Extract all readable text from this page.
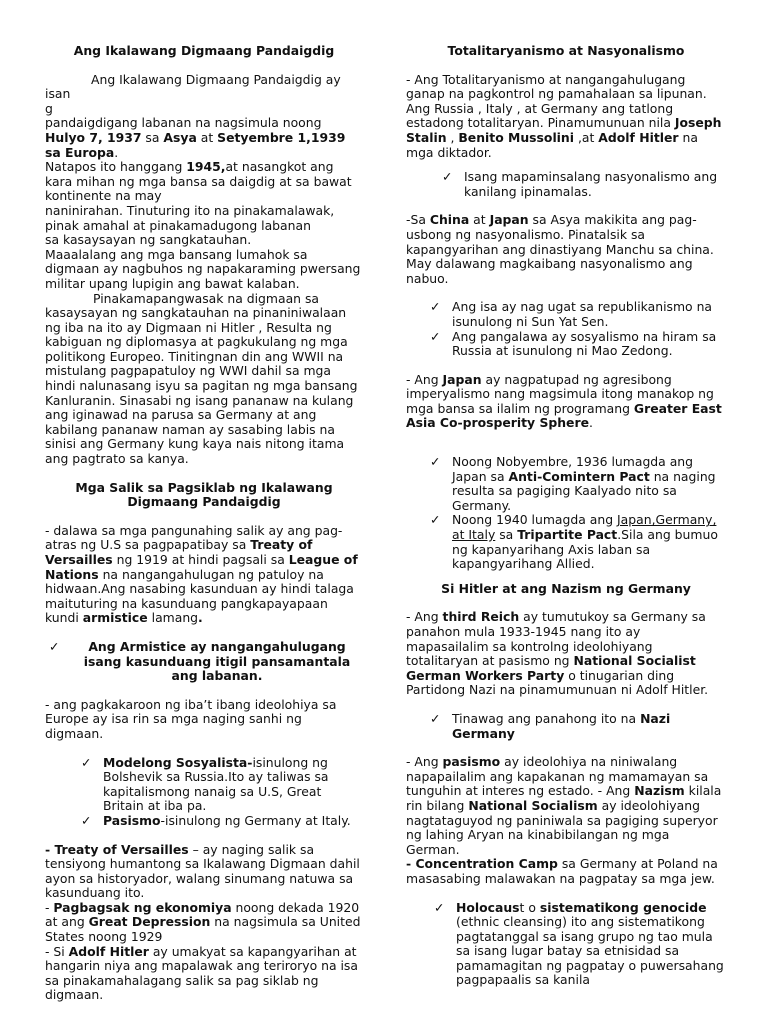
Ang Ikalawang Digmaang Pandaigdig

Ang Ikalawang Digmaang Pandaigdig ay isan

g

pandaigdigang labanan na nagsimula noong
Hulyo 7, 1937 sa Asya at Setyembre 1,1939 sa Europa.

Natapos ito hanggang 1945,at nasangkot ang kara mihan ng mga bansa sa daigdig at sa bawat kontinente na may

naninirahan. Tinuturing ito na pinakamalawak, pinak amahal at pinakamadugong labanan

sa kasaysayan ng sangkatauhan.

Maaalalang ang mga bansang lumahok sa digmaan ay nagbuhos ng napakaraming pwersang militar upang lupigin ang bawat kalaban.

Pinakamapangwasak na digmaan sa kasaysayan ng sangkatauhan na pinaniniwalaan ng iba na ito ay Digmaan ni Hitler , Resulta ng kabiguan ng diplomasya at pagkukulang ng mga politikong Europeo. Tinitingnan din ang WWII na mistulang pagpapatuloy ng WWI dahil sa mga hindi nalunasang isyu sa pagitan ng mga bansang Kanluranin. Sinasabi ng isang pananaw na kulang ang iginawad na parusa sa Germany at ang kabilang pananaw naman ay sasabing labis na sinisi ang Germany kung kaya nais nitong itama ang pagtrato sa kanya.

Mga Salik sa Pagsiklab ng Ikalawang Digmaang Pandaigdig

- dalawa sa mga pangunahing salik ay ang pag-atras ng U.S sa pagpapatibay sa Treaty of Versailles ng 1919 at hindi pagsali sa League of Nations na nangangahulugan ng patuloy na hidwaan.Ang nasabing kasunduan ay hindi talaga maituturing na kasunduang pangkapayapaan kundi armistice lamang.

✓	Ang Armistice ay nangangahulugang isang kasunduang itigil pansamantala ang labanan.

- ang pagkakaroon ng iba’t ibang ideolohiya sa Europe ay isa rin sa mga naging sanhi ng digmaan.

✓ Modelong Sosyalista-isinulong ng Bolshevik sa Russia.Ito ay taliwas sa kapitalismong nanaig sa U.S, Great Britain at iba pa.

✓ Pasismo-isinulong ng Germany at Italy.

- Treaty of Versailles – ay naging salik sa tensiyong humantong sa Ikalawang Digmaan dahil ayon sa historyador, walang sinumang natuwa sa kasunduang ito.

- Pagbagsak ng ekonomiya noong dekada 1920 at ang Great Depression na nagsimula sa United States noong 1929

- Si Adolf Hitler ay umakyat sa kapangyarihan at hangarin niya ang mapalawak ang teriroryo na isa sa pinakamahalagang salik sa pag siklab ng digmaan.

Totalitaryanismo at Nasyonalismo

- Ang Totalitaryanismo at nangangahulugang ganap na pagkontrol ng pamahalaan sa lipunan. Ang Russia , Italy , at Germany ang tatlong estadong totalitaryan. Pinamumunuan nila Joseph Stalin , Benito Mussolini ,at Adolf Hitler na mga diktador.

✓ Isang mapaminsalang nasyonalismo ang kanilang ipinamalas.

-Sa China at Japan sa Asya makikita ang pag-usbong ng nasyonalismo. Pinatalsik sa kapangyarihan ang dinastiyang Manchu sa china. May dalawang magkaibang nasyonalismo ang nabuo.

✓ Ang isa ay nag ugat sa republikanismo na isunulong ni Sun Yat Sen.

✓ Ang pangalawa ay sosyalismo na hiram sa Russia at isunulong ni Mao Zedong.

- Ang Japan ay nagpatupad ng agresibong imperyalismo nang magsimula itong manakop ng mga bansa sa ilalim ng programang Greater East Asia Co-prosperity Sphere.

✓ Noong Nobyembre, 1936 lumagda ang Japan sa Anti-Comintern Pact na naging resulta sa pagiging Kaalyado nito sa Germany.

✓ Noong 1940 lumagda ang Japan,Germany, at Italy sa Tripartite Pact.Sila ang bumuo ng kapanyarihang Axis laban sa kapangyarihang Allied.

Si Hitler at ang Nazism ng Germany

- Ang third Reich ay tumutukoy sa Germany sa panahon mula 1933-1945 nang ito ay mapasailalim sa kontrolng ideolohiyang totalitaryan at pasismo ng National Socialist German Workers Party o tinugarian ding Partidong Nazi na pinamumunuan ni Adolf Hitler.

✓ Tinawag ang panahong ito na Nazi Germany

- Ang pasismo ay ideolohiya na niniwalang napapailalim ang kapakanan ng mamamayan sa tunguhin at interes ng estado. - Ang Nazism kilala rin bilang National Socialism ay ideolohiyang nagtataguyod ng paniniwala sa pagiging superyor ng lahing Aryan na kinabibilangan ng mga German.

- Concentration Camp sa Germany at Poland na masasabing malawakan na pagpatay sa mga jew.

✓ Holocaust o sistematikong genocide (ethnic cleansing) ito ang sistematikong pagtatanggal sa isang grupo ng tao mula sa isang lugar batay sa etnisidad sa pamamagitan ng pagpatay o puwersahang pagpapaalis sa kanila
